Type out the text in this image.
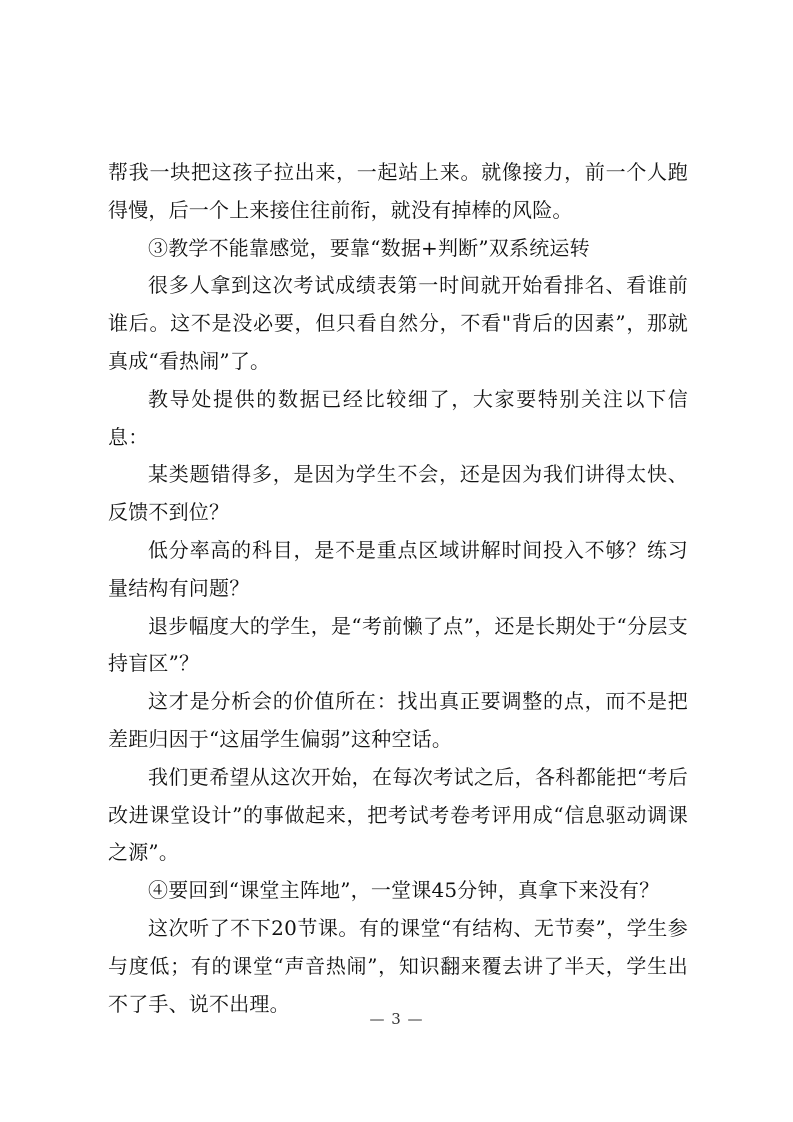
帮我一块把这孩子拉出来，一起站上来。就像接力，前一个人跑得慢，后一个上来接住往前衔，就没有掉棒的风险。

③教学不能靠感觉，要靠“数据+判断”双系统运转

很多人拿到这次考试成绩表第一时间就开始看排名、看谁前谁后。这不是没必要，但只看自然分，不看"背后的因素”，那就真成“看热闹”了。

教导处提供的数据已经比较细了，大家要特别关注以下信息：

某类题错得多，是因为学生不会，还是因为我们讲得太快、反馈不到位？

低分率高的科目，是不是重点区域讲解时间投入不够？练习量结构有问题？

退步幅度大的学生，是“考前懒了点”，还是长期处于“分层支持盲区”？

这才是分析会的价值所在：找出真正要调整的点，而不是把差距归因于“这届学生偏弱”这种空话。

我们更希望从这次开始，在每次考试之后，各科都能把“考后改进课堂设计”的事做起来，把考试考卷考评用成“信息驱动调课之源”。

④要回到“课堂主阵地”，一堂课45分钟，真拿下来没有？

这次听了不下20节课。有的课堂“有结构、无节奏”，学生参与度低；有的课堂“声音热闹”，知识翻来覆去讲了半天，学生出不了手、说不出理。

— 3 —
